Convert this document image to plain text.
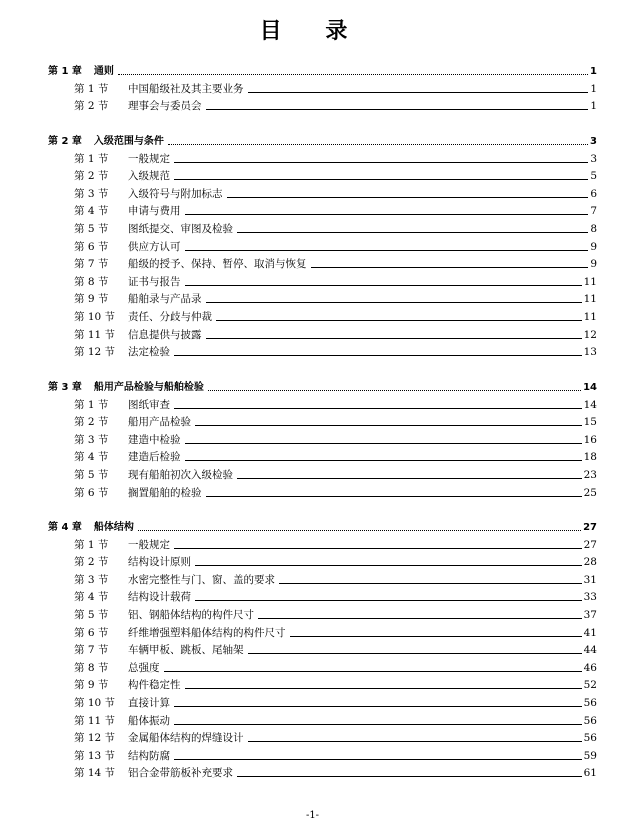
目 录
第 1 章 通则	1
第 1 节	中国船级社及其主要业务	1
第 2 节	理事会与委员会	1
第 2 章 入级范围与条件	3
第 1 节	一般规定	3
第 2 节	入级规范	5
第 3 节	入级符号与附加标志	6
第 4 节	申请与费用	7
第 5 节	图纸提交、审图及检验	8
第 6 节	供应方认可	9
第 7 节	船级的授予、保持、暂停、取消与恢复	9
第 8 节	证书与报告	11
第 9 节	船舶录与产品录	11
第 10 节	责任、分歧与仲裁	11
第 11 节	信息提供与披露	12
第 12 节	法定检验	13
第 3 章 船用产品检验与船舶检验	14
第 1 节	图纸审查	14
第 2 节	船用产品检验	15
第 3 节	建造中检验	16
第 4 节	建造后检验	18
第 5 节	现有船舶初次入级检验	23
第 6 节	搁置船舶的检验	25
第 4 章 船体结构	27
第 1 节	一般规定	27
第 2 节	结构设计原则	28
第 3 节	水密完整性与门、窗、盖的要求	31
第 4 节	结构设计载荷	33
第 5 节	铝、钢船体结构的构件尺寸	37
第 6 节	纤维增强塑料船体结构的构件尺寸	41
第 7 节	车辆甲板、跳板、尾轴架	44
第 8 节	总强度	46
第 9 节	构件稳定性	52
第 10 节	直接计算	56
第 11 节	船体振动	56
第 12 节	金属船体结构的焊缝设计	56
第 13 节	结构防腐	59
第 14 节	铝合金带筋板补充要求	61
-1-
